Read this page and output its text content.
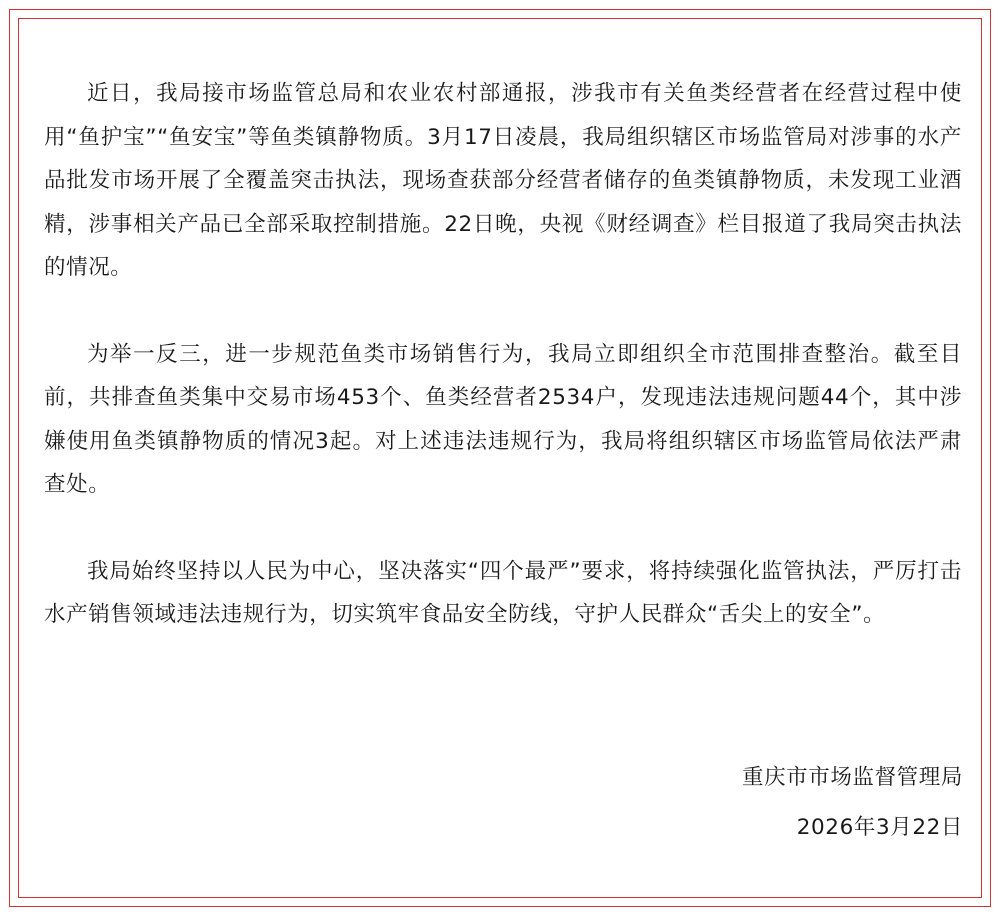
近日，我局接市场监管总局和农业农村部通报，涉我市有关鱼类经营者在经营过程中使用“鱼护宝”“鱼安宝”等鱼类镇静物质。3月17日凌晨，我局组织辖区市场监管局对涉事的水产品批发市场开展了全覆盖突击执法，现场查获部分经营者储存的鱼类镇静物质，未发现工业酒精，涉事相关产品已全部采取控制措施。22日晚，央视《财经调查》栏目报道了我局突击执法的情况。

为举一反三，进一步规范鱼类市场销售行为，我局立即组织全市范围排查整治。截至目前，共排查鱼类集中交易市场453个、鱼类经营者2534户，发现违法违规问题44个，其中涉嫌使用鱼类镇静物质的情况3起。对上述违法违规行为，我局将组织辖区市场监管局依法严肃查处。

我局始终坚持以人民为中心，坚决落实“四个最严”要求，将持续强化监管执法，严厉打击水产销售领域违法违规行为，切实筑牢食品安全防线，守护人民群众“舌尖上的安全”。

重庆市市场监督管理局
2026年3月22日
